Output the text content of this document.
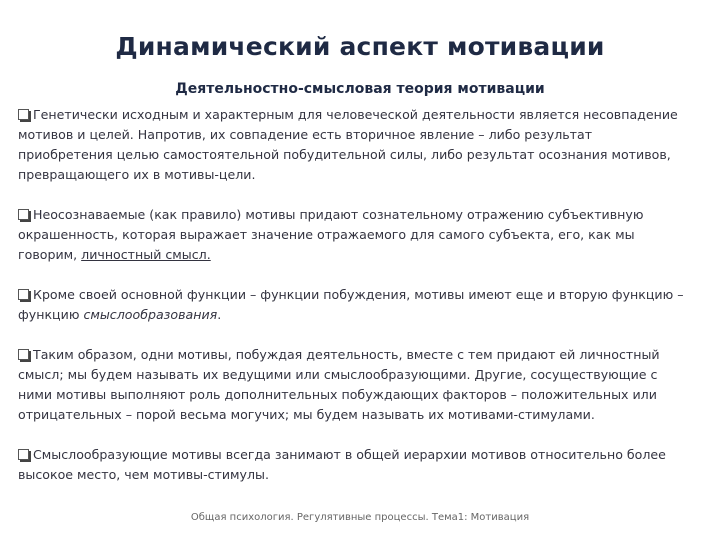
Динамический аспект мотивации
Деятельностно-смысловая теория мотивации

Генетически исходным и характерным для человеческой деятельности является несовпадение мотивов и целей. Напротив, их совпадение есть вторичное явление – либо результат приобретения целью самостоятельной побудительной силы, либо результат осознания мотивов, превращающего их в мотивы-цели.

Неосознаваемые (как правило) мотивы придают сознательному отражению субъективную окрашенность, которая выражает значение отражаемого для самого субъекта, его, как мы говорим, личностный смысл.

Кроме своей основной функции – функции побуждения, мотивы имеют еще и вторую функцию – функцию смыслообразования.

Таким образом, одни мотивы, побуждая деятельность, вместе с тем придают ей личностный смысл; мы будем называть их ведущими или смыслообразующими. Другие, сосуществующие с ними мотивы выполняют роль дополнительных побуждающих факторов – положительных или отрицательных – порой весьма могучих; мы будем называть их мотивами-стимулами.

Смыслообразующие мотивы всегда занимают в общей иерархии мотивов относительно более высокое место, чем мотивы-стимулы.

Общая психология. Регулятивные процессы. Тема1: Мотивация
